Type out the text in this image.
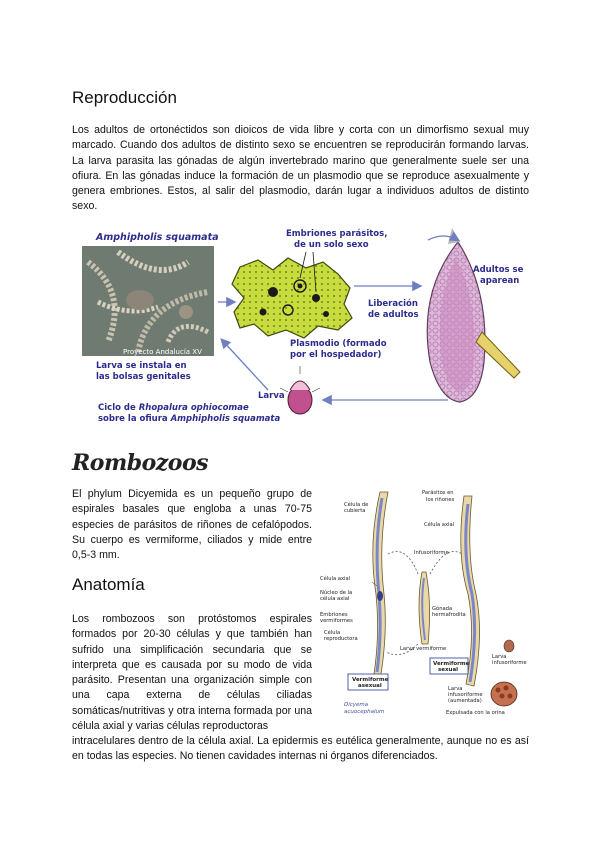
Reproducción
Los adultos de ortonéctidos son dioicos de vida libre y corta con un dimorfismo sexual muy marcado. Cuando dos adultos de distinto sexo se encuentren se reproducirán formando larvas. La larva parasita las gónadas de algún invertebrado marino que generalmente suele ser una ofiura. En las gónadas induce la formación de un plasmodio que se reproduce asexualmente y genera embriones. Estos, al salir del plasmodio, darán lugar a individuos adultos de distinto sexo.
Amphipholis squamata
Proyecto Andalucía XV
Larva se instala en
las bolsas genitales
Embriones parásitos,
de un solo sexo
Liberación
de adultos
Plasmodio (formado
por el hospedador)
Adultos se
aparean
Larva
Ciclo de Rhopalura ophiocomae
sobre la ofiura Amphipholis squamata
Rombozoos
El phylum Dicyemida es un pequeño grupo de espirales basales que engloba a unas 70-75 especies de parásitos de riñones de cefalópodos. Su cuerpo es vermiforme, ciliados y mide entre 0,5-3 mm.
Anatomía
Los rombozoos son protóstomos espirales formados por 20-30 células y que también han sufrido una simplificación secundaria que se interpreta que es causada por su modo de vida parásito. Presentan una organización simple con una capa externa de células ciliadas somáticas/nutritivas y otra interna formada por una célula axial y varias células reproductoras
intracelulares dentro de la célula axial. La epidermis es eutélica generalmente, aunque no es así en todas las especies. No tienen cavidades internas ni órganos diferenciados.
Parásitos en
los riñones
Célula de
cubierta
Célula axial
Infusoriforme
Célula axial
Núcleo de la
célula axial
Embriones
vermiformes
Célula
reproductora
Gónada
hermafrodita
Larva vermiforme
Larva
infusoriforme
Larva
infusoriforme
(aumentada)
Expulsada con la orina
Vermiforme
asexual
Vermiforme
sexual
Dicyema
acuocephalum
